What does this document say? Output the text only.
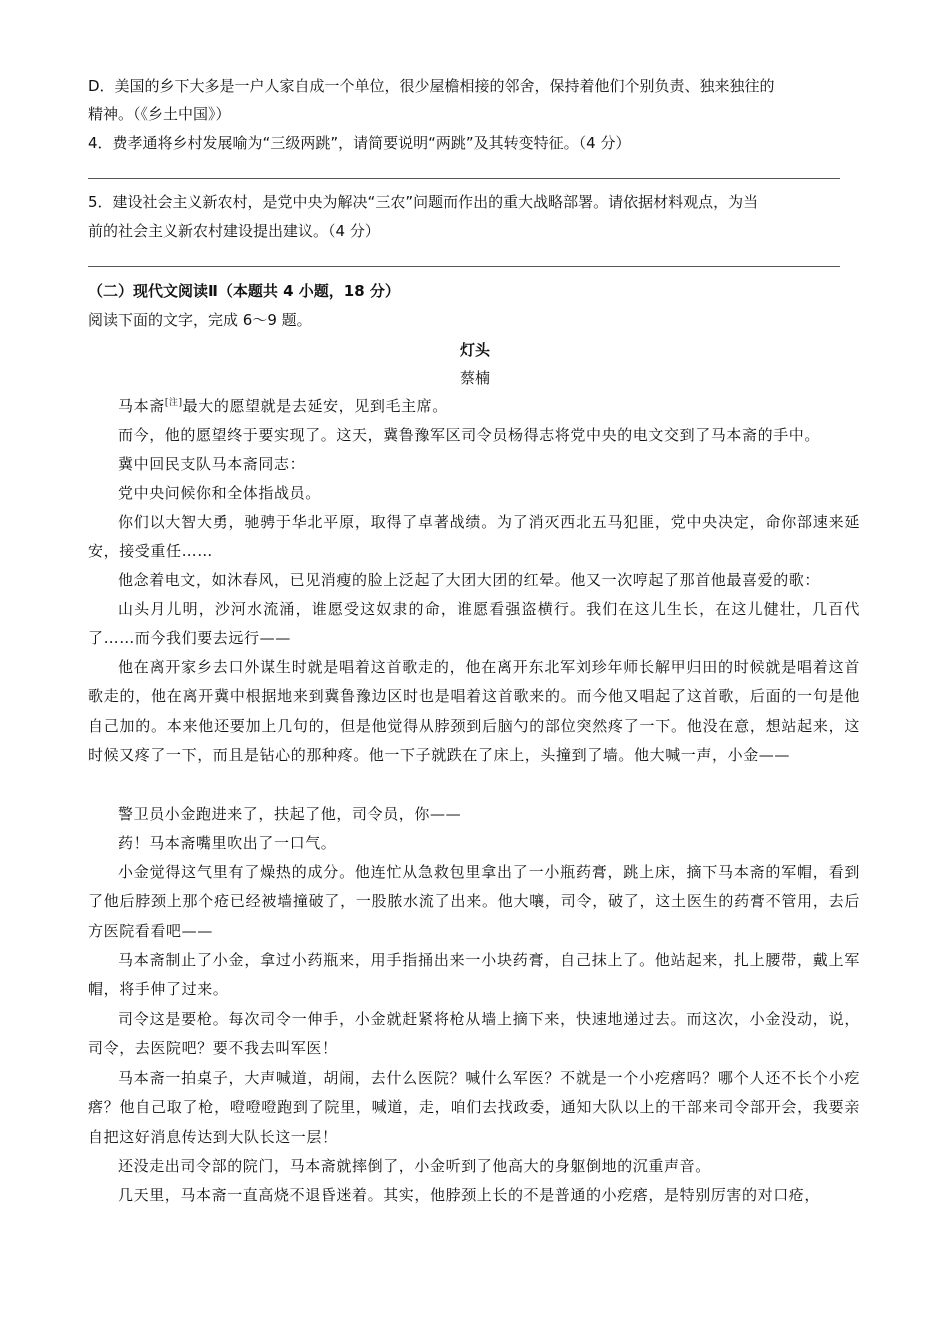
D．美国的乡下大多是一户人家自成一个单位，很少屋檐相接的邻舍，保持着他们个别负责、独来独往的
精神。（《乡土中国》）
4．费孝通将乡村发展喻为“三级两跳”，请简要说明“两跳”及其转变特征。（4 分）
5．建设社会主义新农村，是党中央为解决“三农”问题而作出的重大战略部署。请依据材料观点，为当
前的社会主义新农村建设提出建议。（4 分）
（二）现代文阅读Ⅱ（本题共 4 小题，18 分）
阅读下面的文字，完成 6～9 题。
灯头
蔡楠
马本斋[注]最大的愿望就是去延安，见到毛主席。
而今，他的愿望终于要实现了。这天，冀鲁豫军区司令员杨得志将党中央的电文交到了马本斋的手中。
冀中回民支队马本斋同志：
党中央问候你和全体指战员。
你们以大智大勇，驰骋于华北平原，取得了卓著战绩。为了消灭西北五马犯匪，党中央决定，命你部速来延安，接受重任……
他念着电文，如沐春风，已见消瘦的脸上泛起了大团大团的红晕。他又一次哼起了那首他最喜爱的歌：
山头月儿明，沙河水流涌，谁愿受这奴隶的命，谁愿看强盗横行。我们在这儿生长，在这儿健壮，几百代了……而今我们要去远行——
他在离开家乡去口外谋生时就是唱着这首歌走的，他在离开东北军刘珍年师长解甲归田的时候就是唱着这首歌走的，他在离开冀中根据地来到冀鲁豫边区时也是唱着这首歌来的。而今他又唱起了这首歌，后面的一句是他自己加的。本来他还要加上几句的，但是他觉得从脖颈到后脑勺的部位突然疼了一下。他没在意，想站起来，这时候又疼了一下，而且是钻心的那种疼。他一下子就跌在了床上，头撞到了墙。他大喊一声，小金——
警卫员小金跑进来了，扶起了他，司令员，你——
药！马本斋嘴里吹出了一口气。
小金觉得这气里有了燥热的成分。他连忙从急救包里拿出了一小瓶药膏，跳上床，摘下马本斋的军帽，看到了他后脖颈上那个疮已经被墙撞破了，一股脓水流了出来。他大嚷，司令，破了，这土医生的药膏不管用，去后方医院看看吧——
马本斋制止了小金，拿过小药瓶来，用手指捅出来一小块药膏，自己抹上了。他站起来，扎上腰带，戴上军帽，将手伸了过来。
司令这是要枪。每次司令一伸手，小金就赶紧将枪从墙上摘下来，快速地递过去。而这次，小金没动，说，司令，去医院吧？要不我去叫军医！
马本斋一拍桌子，大声喊道，胡闹，去什么医院？喊什么军医？不就是一个小疙瘩吗？哪个人还不长个小疙瘩？他自己取了枪，噔噔噔跑到了院里，喊道，走，咱们去找政委，通知大队以上的干部来司令部开会，我要亲自把这好消息传达到大队长这一层！
还没走出司令部的院门，马本斋就摔倒了，小金听到了他高大的身躯倒地的沉重声音。
几天里，马本斋一直高烧不退昏迷着。其实，他脖颈上长的不是普通的小疙瘩，是特别厉害的对口疮，
